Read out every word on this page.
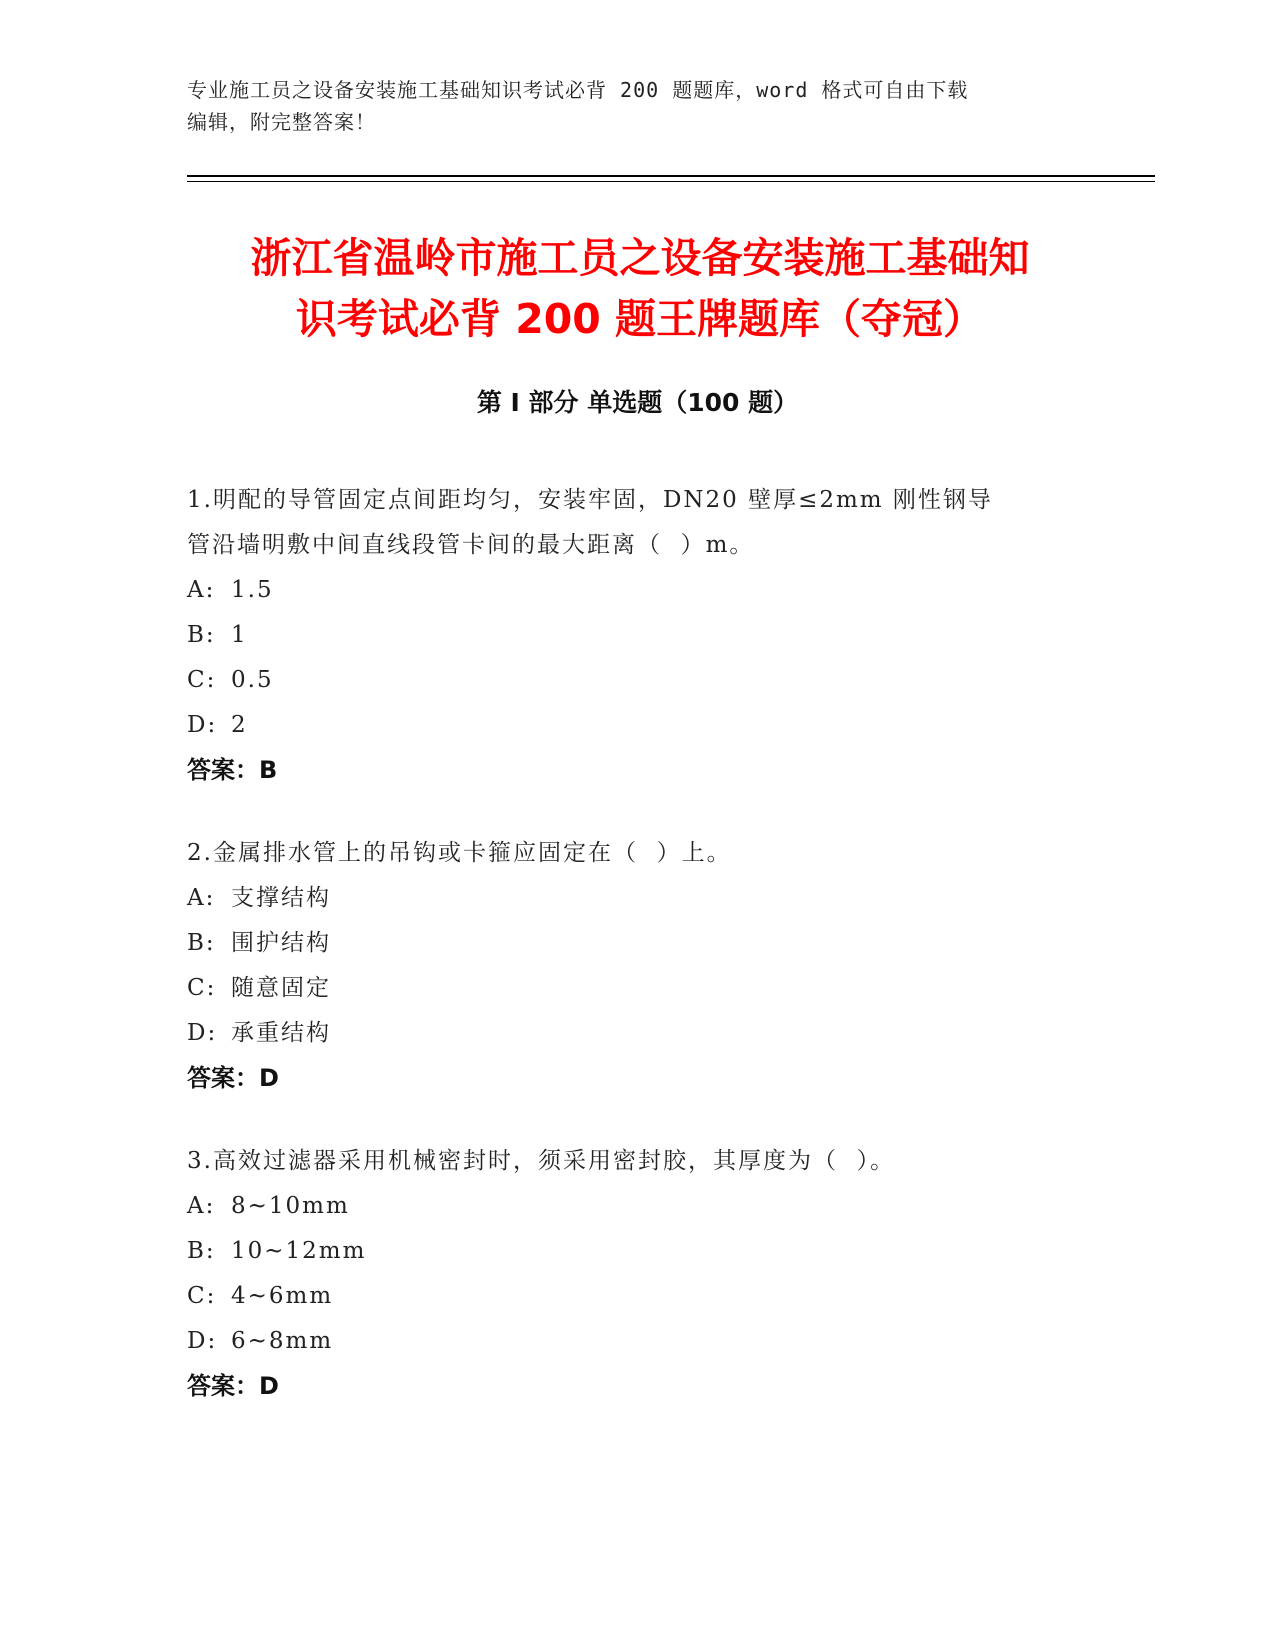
专业施工员之设备安装施工基础知识考试必背 200 题题库，word 格式可自由下载
编辑，附完整答案！
浙江省温岭市施工员之设备安装施工基础知
识考试必背 200 题王牌题库（夺冠）
第 I 部分 单选题（100 题）
1.明配的导管固定点间距均匀，安装牢固，DN20 壁厚≤2mm 刚性钢导
管沿墙明敷中间直线段管卡间的最大距离（  ）m。
A: 1.5
B: 1
C: 0.5
D: 2
答案：B
2.金属排水管上的吊钩或卡箍应固定在（  ）上。
A: 支撑结构
B: 围护结构
C: 随意固定
D: 承重结构
答案：D
3.高效过滤器采用机械密封时，须采用密封胶，其厚度为（  ）。
A: 8~10mm
B: 10~12mm
C: 4~6mm
D: 6~8mm
答案：D
